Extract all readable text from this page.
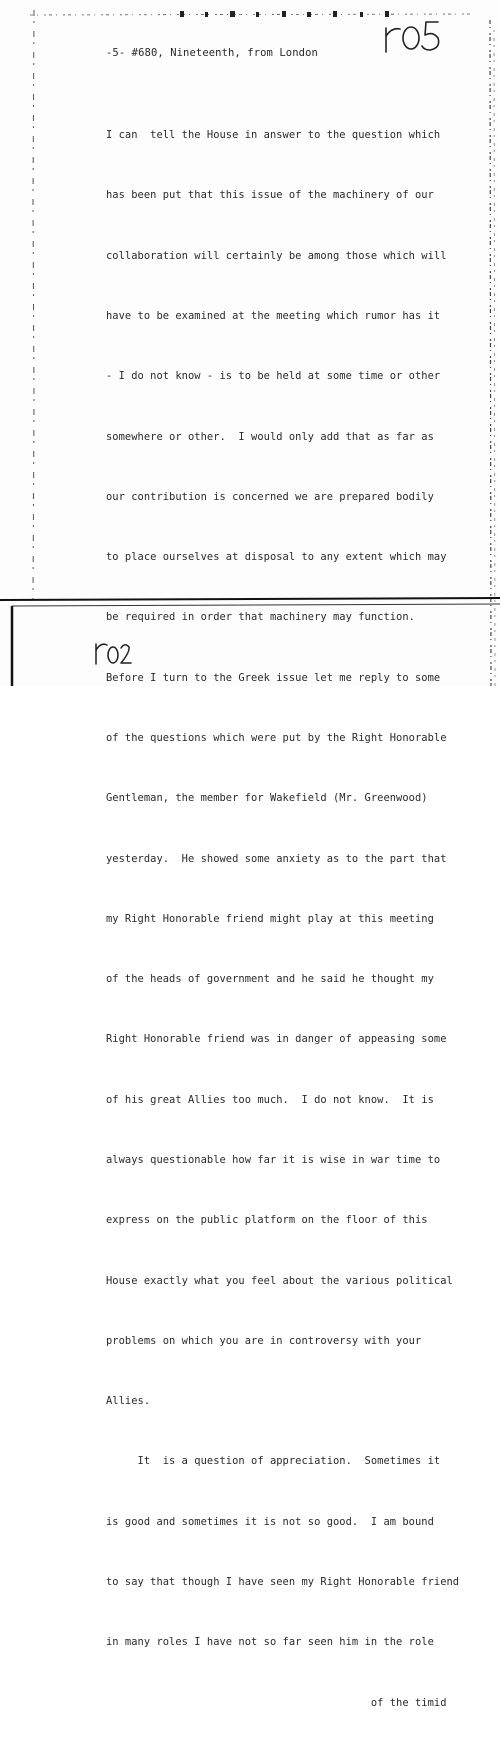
-5- #680, Nineteenth, from London

I can  tell the House in answer to the question which

has been put that this issue of the machinery of our

collaboration will certainly be among those which will

have to be examined at the meeting which rumor has it

- I do not know - is to be held at some time or other

somewhere or other.  I would only add that as far as

our contribution is concerned we are prepared bodily

to place ourselves at disposal to any extent which may

be required in order that machinery may function.

Before I turn to the Greek issue let me reply to some

of the questions which were put by the Right Honorable

Gentleman, the member for Wakefield (Mr. Greenwood)

yesterday.  He showed some anxiety as to the part that

my Right Honorable friend might play at this meeting

of the heads of government and he said he thought my

Right Honorable friend was in danger of appeasing some

of his great Allies too much.  I do not know.  It is

always questionable how far it is wise in war time to

express on the public platform on the floor of this

House exactly what you feel about the various political

problems on which you are in controversy with your

Allies.

It  is a question of appreciation.  Sometimes it

is good and sometimes it is not so good.  I am bound

to say that though I have seen my Right Honorable friend

in many roles I have not so far seen him in the role

of the timid
